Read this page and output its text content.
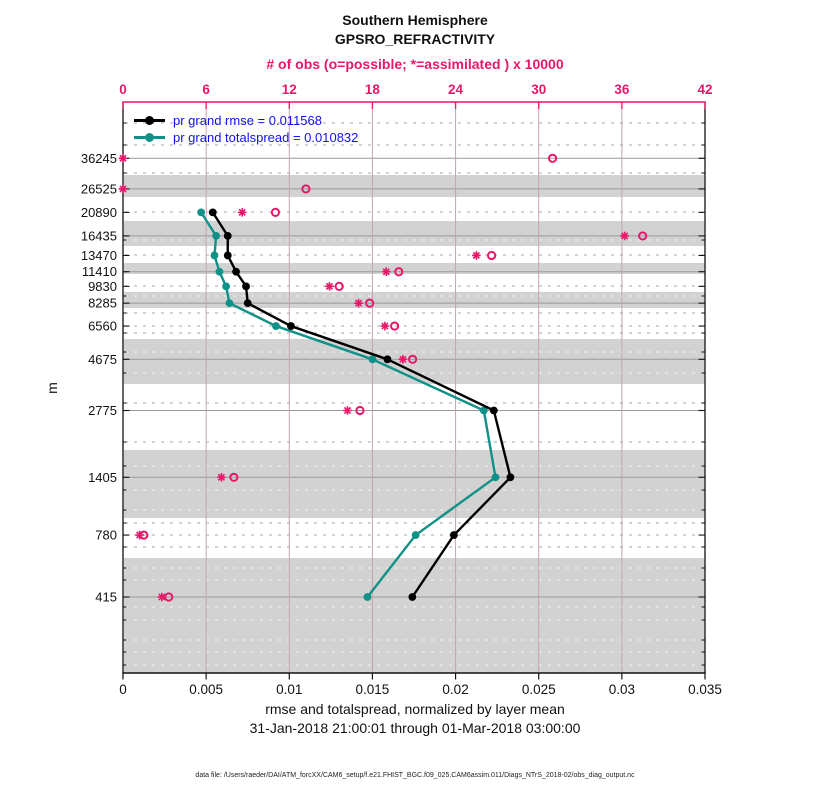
0	0.005	0.01	0.015	0.02	0.025	0.03	0.035
0	6	12	18	24	30	36	42
36245
26525
20890
16435
13470
11410
9830
8285
6560
4675
2775
1405
780
415
Southern Hemisphere
GPSRO_REFRACTIVITY
# of obs (o=possible; *=assimilated ) x 10000
pr grand rmse = 0.011568
pr grand totalspread = 0.010832
m
rmse and totalspread, normalized by layer mean
31-Jan-2018 21:00:01 through 01-Mar-2018 03:00:00
data file: /Users/raeder/DAI/ATM_forcXX/CAM6_setup/f.e21.FHIST_BGC.f09_025.CAM6assim.011/Diags_NTrS_2018-02/obs_diag_output.nc
